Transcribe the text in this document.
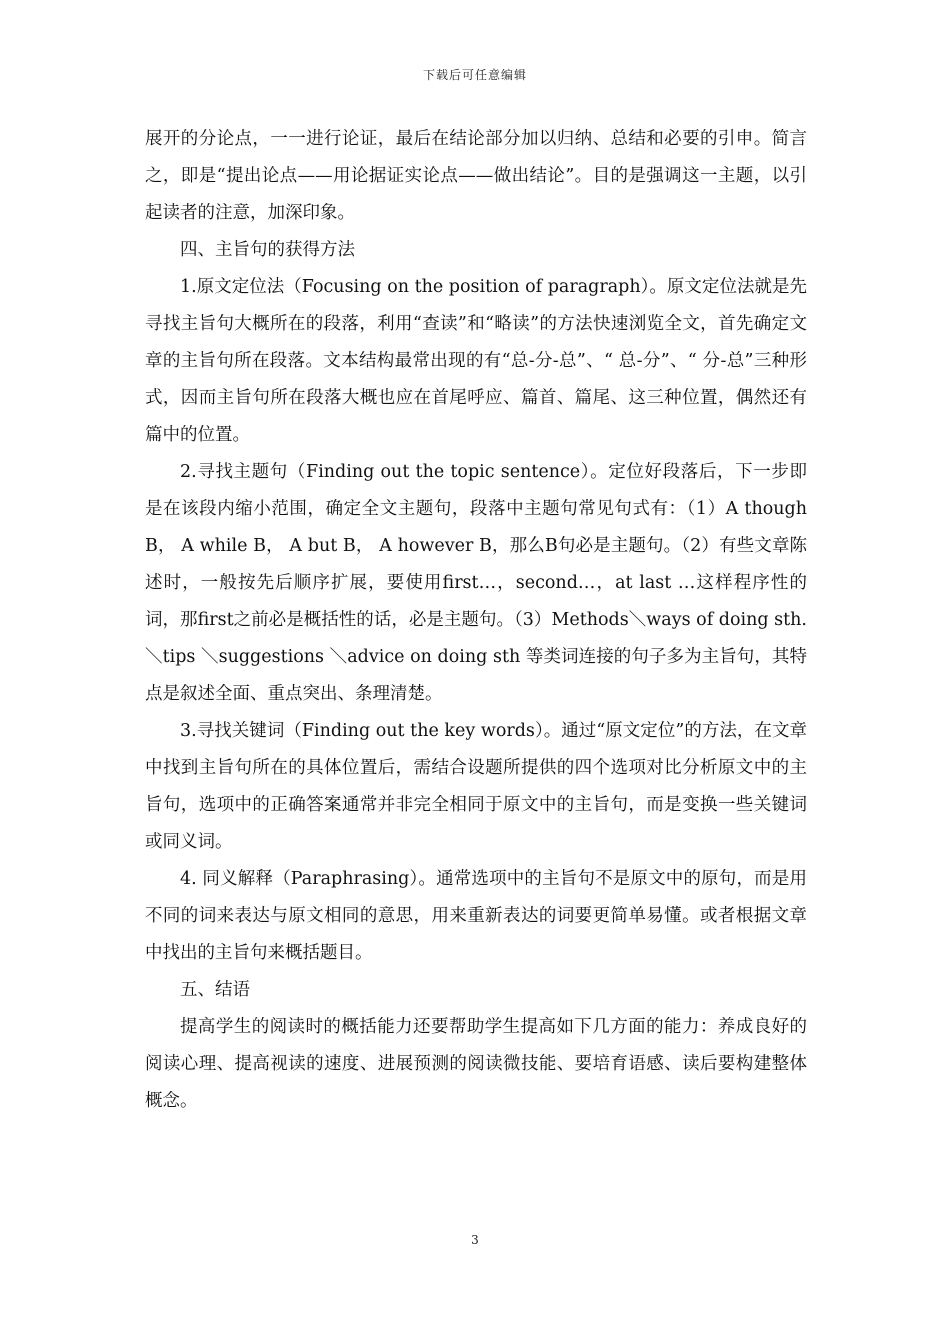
下载后可任意编辑

展开的分论点，一一进行论证，最后在结论部分加以归纳、总结和必要的引申。简言之，即是“提出论点——用论据证实论点——做出结论”。目的是强调这一主题，以引起读者的注意，加深印象。

四、主旨句的获得方法

1.原文定位法（Focusing on the position of paragraph）。原文定位法就是先寻找主旨句大概所在的段落，利用“查读”和“略读”的方法快速浏览全文，首先确定文章的主旨句所在段落。文本结构最常出现的有“总-分-总”、“ 总-分”、“ 分-总”三种形式，因而主旨句所在段落大概也应在首尾呼应、篇首、篇尾、这三种位置，偶然还有篇中的位置。

2.寻找主题句（Finding out the topic sentence）。定位好段落后，下一步即是在该段内缩小范围，确定全文主题句，段落中主题句常见句式有：（1）A though B， A while B， A but B， A however B，那么B句必是主题句。（2）有些文章陈述时，一般按先后顺序扩展，要使用first…，second…，at last …这样程序性的词，那first之前必是概括性的话，必是主题句。（3）Methods＼ways of doing sth.＼tips ＼suggestions ＼advice on doing sth 等类词连接的句子多为主旨句，其特点是叙述全面、重点突出、条理清楚。

3.寻找关键词（Finding out the key words）。通过“原文定位”的方法，在文章中找到主旨句所在的具体位置后，需结合设题所提供的四个选项对比分析原文中的主旨句，选项中的正确答案通常并非完全相同于原文中的主旨句，而是变换一些关键词或同义词。

4. 同义解释（Paraphrasing）。通常选项中的主旨句不是原文中的原句，而是用不同的词来表达与原文相同的意思，用来重新表达的词要更简单易懂。或者根据文章中找出的主旨句来概括题目。

五、结语

提高学生的阅读时的概括能力还要帮助学生提高如下几方面的能力：养成良好的阅读心理、提高视读的速度、进展预测的阅读微技能、要培育语感、读后要构建整体概念。

3
